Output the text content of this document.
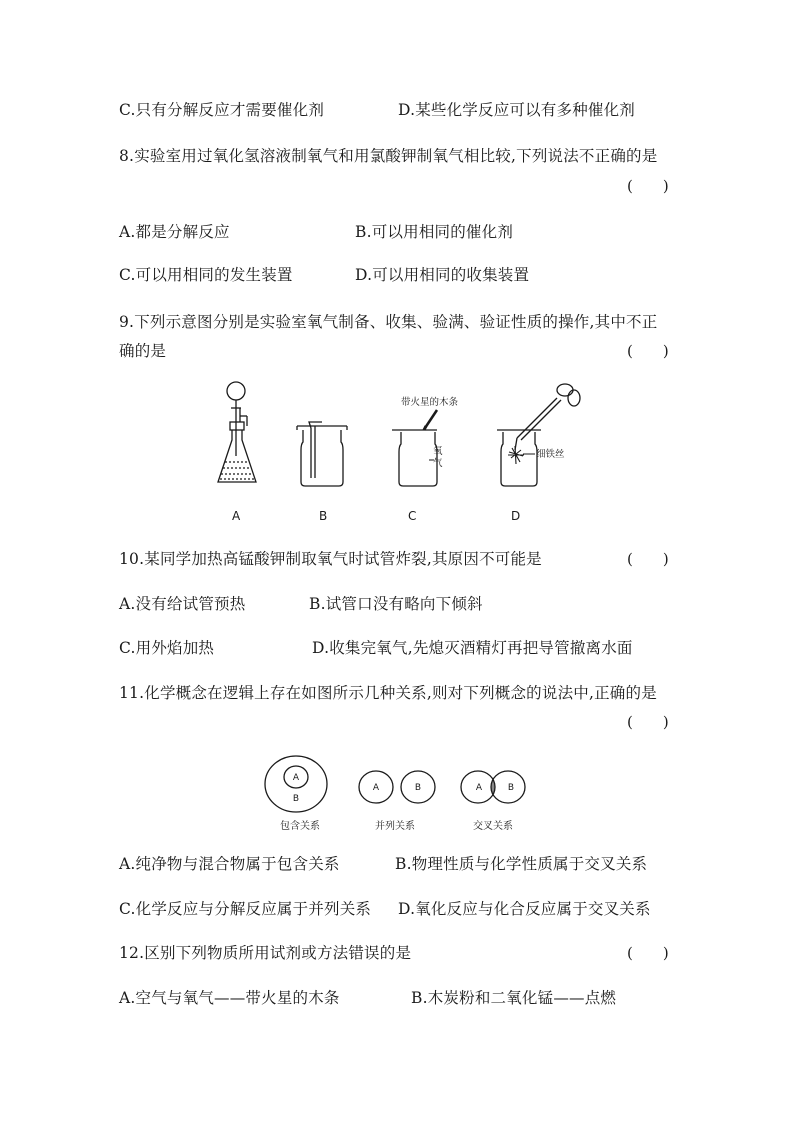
C.只有分解反应才需要催化剂	D.某些化学反应可以有多种催化剂
8.实验室用过氧化氢溶液制氧气和用氯酸钾制氧气相比较,下列说法不正确的是
(　　)
A.都是分解反应	B.可以用相同的催化剂
C.可以用相同的发生装置	D.可以用相同的收集装置
9.下列示意图分别是实验室氧气制备、收集、验满、验证性质的操作,其中不正
确的是	(　　)
带火星的木条
氧
气
细铁丝
A	B	C	D
10.某同学加热高锰酸钾制取氧气时试管炸裂,其原因不可能是	(　　)
A.没有给试管预热	B.试管口没有略向下倾斜
C.用外焰加热	D.收集完氧气,先熄灭酒精灯再把导管撤离水面
11.化学概念在逻辑上存在如图所示几种关系,则对下列概念的说法中,正确的是
(　　)
A
B
A	B	A	B
包含关系	并列关系	交叉关系
A.纯净物与混合物属于包含关系	B.物理性质与化学性质属于交叉关系
C.化学反应与分解反应属于并列关系 D.氧化反应与化合反应属于交叉关系
12.区别下列物质所用试剂或方法错误的是	(　　)
A.空气与氧气——带火星的木条	B.木炭粉和二氧化锰——点燃
